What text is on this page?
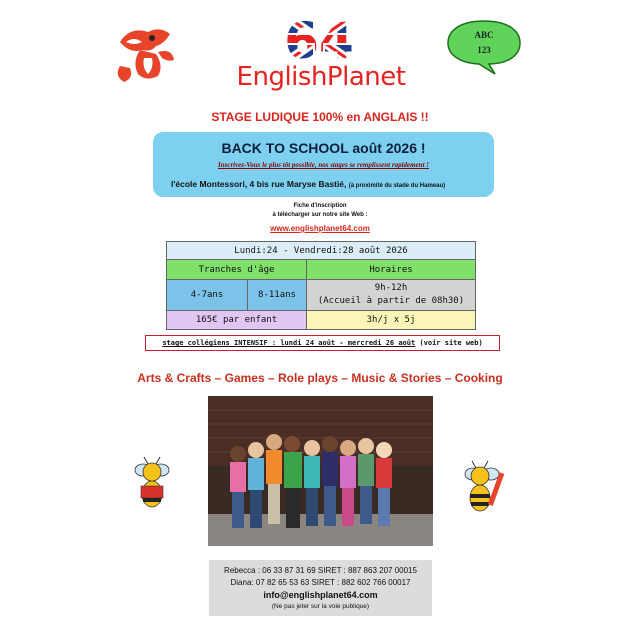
EnglishPlanet
ABC
123
STAGE LUDIQUE 100% en ANGLAIS !!
BACK TO SCHOOL août 2026 !
Inscrivez-Vous le plus tôt possible, nos stages se remplissent rapidement !
l'école Montessori, 4 bis rue Maryse Bastié, (à proximité du stade du Hameau)
Fiche d'inscription
à télécharger sur notre site Web :
www.englishplanet64.com
Lundi:24 - Vendredi:28 août 2026		
Tranches d'âge		Horaires
4-7ans	8-11ans	9h-12h
(Accueil à partir de 08h30)

165€ par enfant		3h/j x 5j
stage collégiens INTENSIF : lundi 24 août - mercredi 26 août (voir site web)
Arts & Crafts – Games – Role plays – Music & Stories – Cooking
Rebecca : 06 33 87 31 69 SIRET : 887 863 207 00015
Diana: 07 82 65 53 63 SIRET : 882 602 766 00017
info@englishplanet64.com
(Ne pas jeter sur la voie publique)
